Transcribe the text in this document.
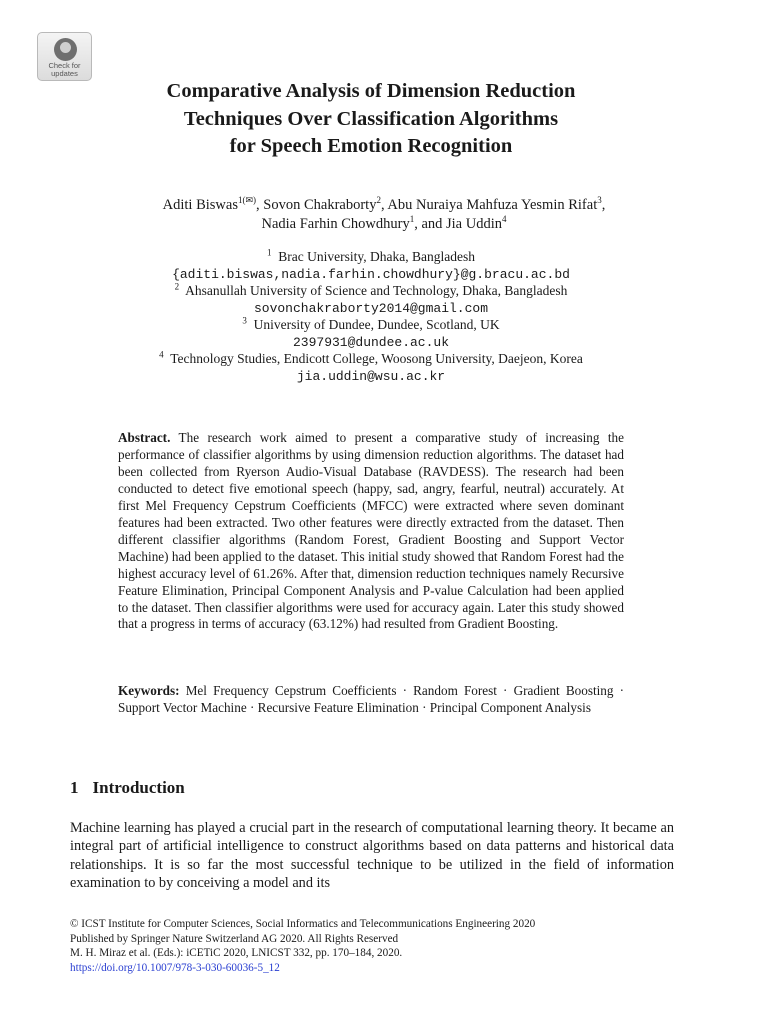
Check for
updates
Comparative Analysis of Dimension Reduction
Techniques Over Classification Algorithms
for Speech Emotion Recognition
Aditi Biswas$^{1(✉)}$, Sovon Chakraborty$^2$, Abu Nuraiya Mahfuza Yesmin Rifat$^3$,
Nadia Farhin Chowdhury$^1$, and Jia Uddin$^4$
$^1$ Brac University, Dhaka, Bangladesh
{aditi.biswas,nadia.farhin.chowdhury}@g.bracu.ac.bd
$^2$ Ahsanullah University of Science and Technology, Dhaka, Bangladesh
sovonchakraborty2014@gmail.com
$^3$ University of Dundee, Dundee, Scotland, UK
2397931@dundee.ac.uk
$^4$ Technology Studies, Endicott College, Woosong University, Daejeon, Korea
jia.uddin@wsu.ac.kr

Abstract. The research work aimed to present a comparative study of increasing the performance of classifier algorithms by using dimension reduction algorithms. The dataset had been collected from Ryerson Audio-Visual Database (RAVDESS). The research had been conducted to detect five emotional speech (happy, sad, angry, fearful, neutral) accurately. At first Mel Frequency Cepstrum Coefficients (MFCC) were extracted where seven dominant features had been extracted. Two other features were directly extracted from the dataset. Then different classifier algorithms (Random Forest, Gradient Boosting and Support Vector Machine) had been applied to the dataset. This initial study showed that Random Forest had the highest accuracy level of 61.26%. After that, dimension reduction techniques namely Recursive Feature Elimination, Principal Component Analysis and P-value Calculation had been applied to the dataset. Then classifier algorithms were used for accuracy again. Later this study showed that a progress in terms of accuracy (63.12%) had resulted from Gradient Boosting.

Keywords: Mel Frequency Cepstrum Coefficients · Random Forest · Gradient Boosting · Support Vector Machine · Recursive Feature Elimination · Principal Component Analysis

1 Introduction

Machine learning has played a crucial part in the research of computational learning theory. It became an integral part of artificial intelligence to construct algorithms based on data patterns and historical data relationships. It is so far the most successful technique to be utilized in the field of information examination to by conceiving a model and its

© ICST Institute for Computer Sciences, Social Informatics and Telecommunications Engineering 2020
Published by Springer Nature Switzerland AG 2020. All Rights Reserved
M. H. Miraz et al. (Eds.): iCETiC 2020, LNICST 332, pp. 170–184, 2020.
https://doi.org/10.1007/978-3-030-60036-5_12
